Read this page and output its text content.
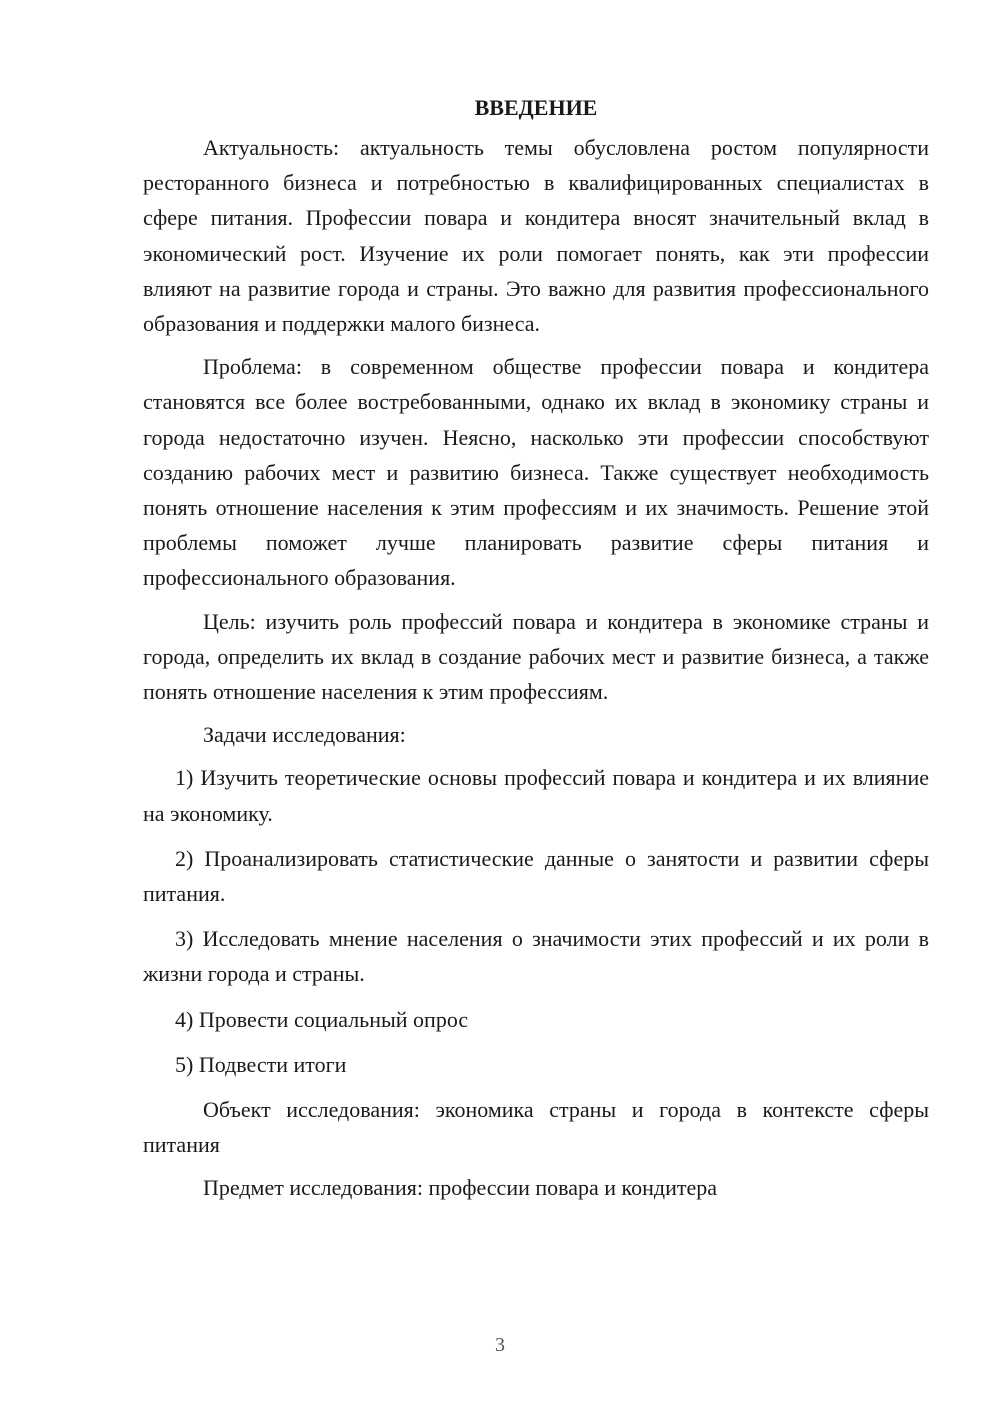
ВВЕДЕНИЕ

Актуальность: актуальность темы обусловлена ростом популярности ресторанного бизнеса и потребностью в квалифицированных специалистах в сфере питания. Профессии повара и кондитера вносят значительный вклад в экономический рост. Изучение их роли помогает понять, как эти профессии влияют на развитие города и страны. Это важно для развития профессионального образования и поддержки малого бизнеса.

Проблема: в современном обществе профессии повара и кондитера становятся все более востребованными, однако их вклад в экономику страны и города недостаточно изучен. Неясно, насколько эти профессии способствуют созданию рабочих мест и развитию бизнеса. Также существует необходимость понять отношение населения к этим профессиям и их значимость. Решение этой проблемы поможет лучше планировать развитие сферы питания и профессионального образования.

Цель: изучить роль профессий повара и кондитера в экономике страны и города, определить их вклад в создание рабочих мест и развитие бизнеса, а также понять отношение населения к этим профессиям.

Задачи исследования:

1) Изучить теоретические основы профессий повара и кондитера и их влияние на экономику.

2) Проанализировать статистические данные о занятости и развитии сферы питания.

3) Исследовать мнение населения о значимости этих профессий и их роли в жизни города и страны.

4) Провести социальный опрос

5) Подвести итоги

Объект исследования: экономика страны и города в контексте сферы питания

Предмет исследования: профессии повара и кондитера

3
